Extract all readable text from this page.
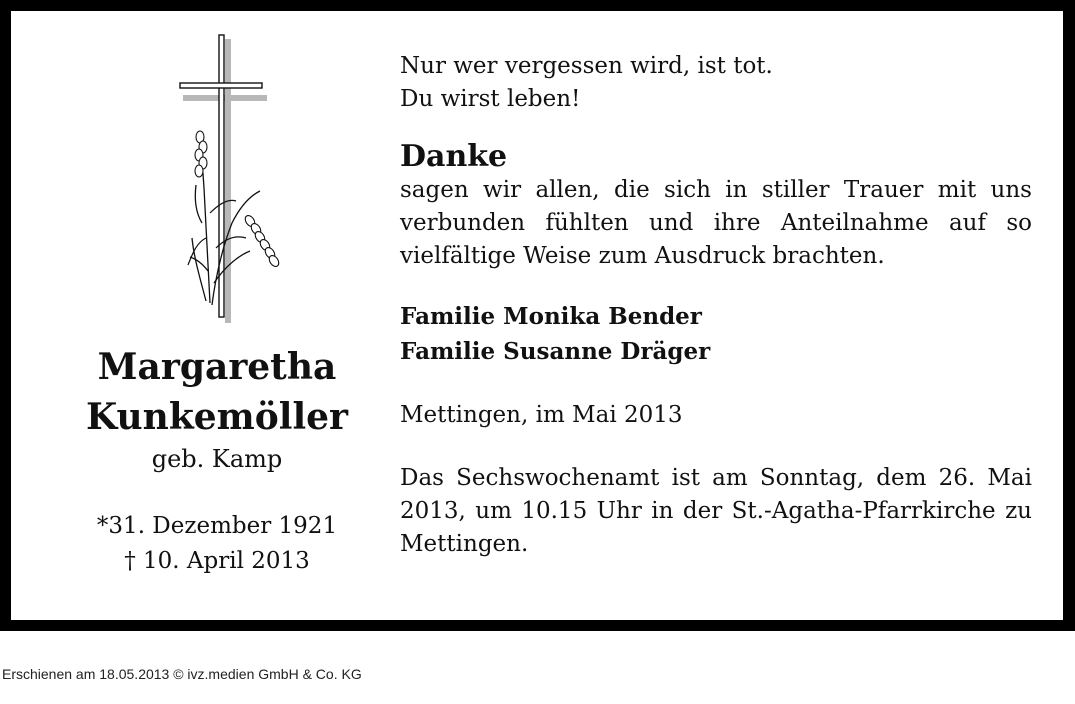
Margaretha
Kunkemöller
geb. Kamp
*31. Dezember 1921
† 10. April 2013

Nur wer vergessen wird, ist tot.

Du wirst leben!

Danke

sagen wir allen, die sich in stiller Trauer mit uns verbunden fühlten und ihre Anteilnahme auf so vielfältige Weise zum Ausdruck brachten.

Familie Monika Bender

Familie Susanne Dräger

Mettingen, im Mai 2013

Das Sechswochenamt ist am Sonntag, dem 26. Mai 2013, um 10.15 Uhr in der St.-Agatha-Pfarrkirche zu Mettingen.

Erschienen am 18.05.2013 © ivz.medien GmbH & Co. KG
